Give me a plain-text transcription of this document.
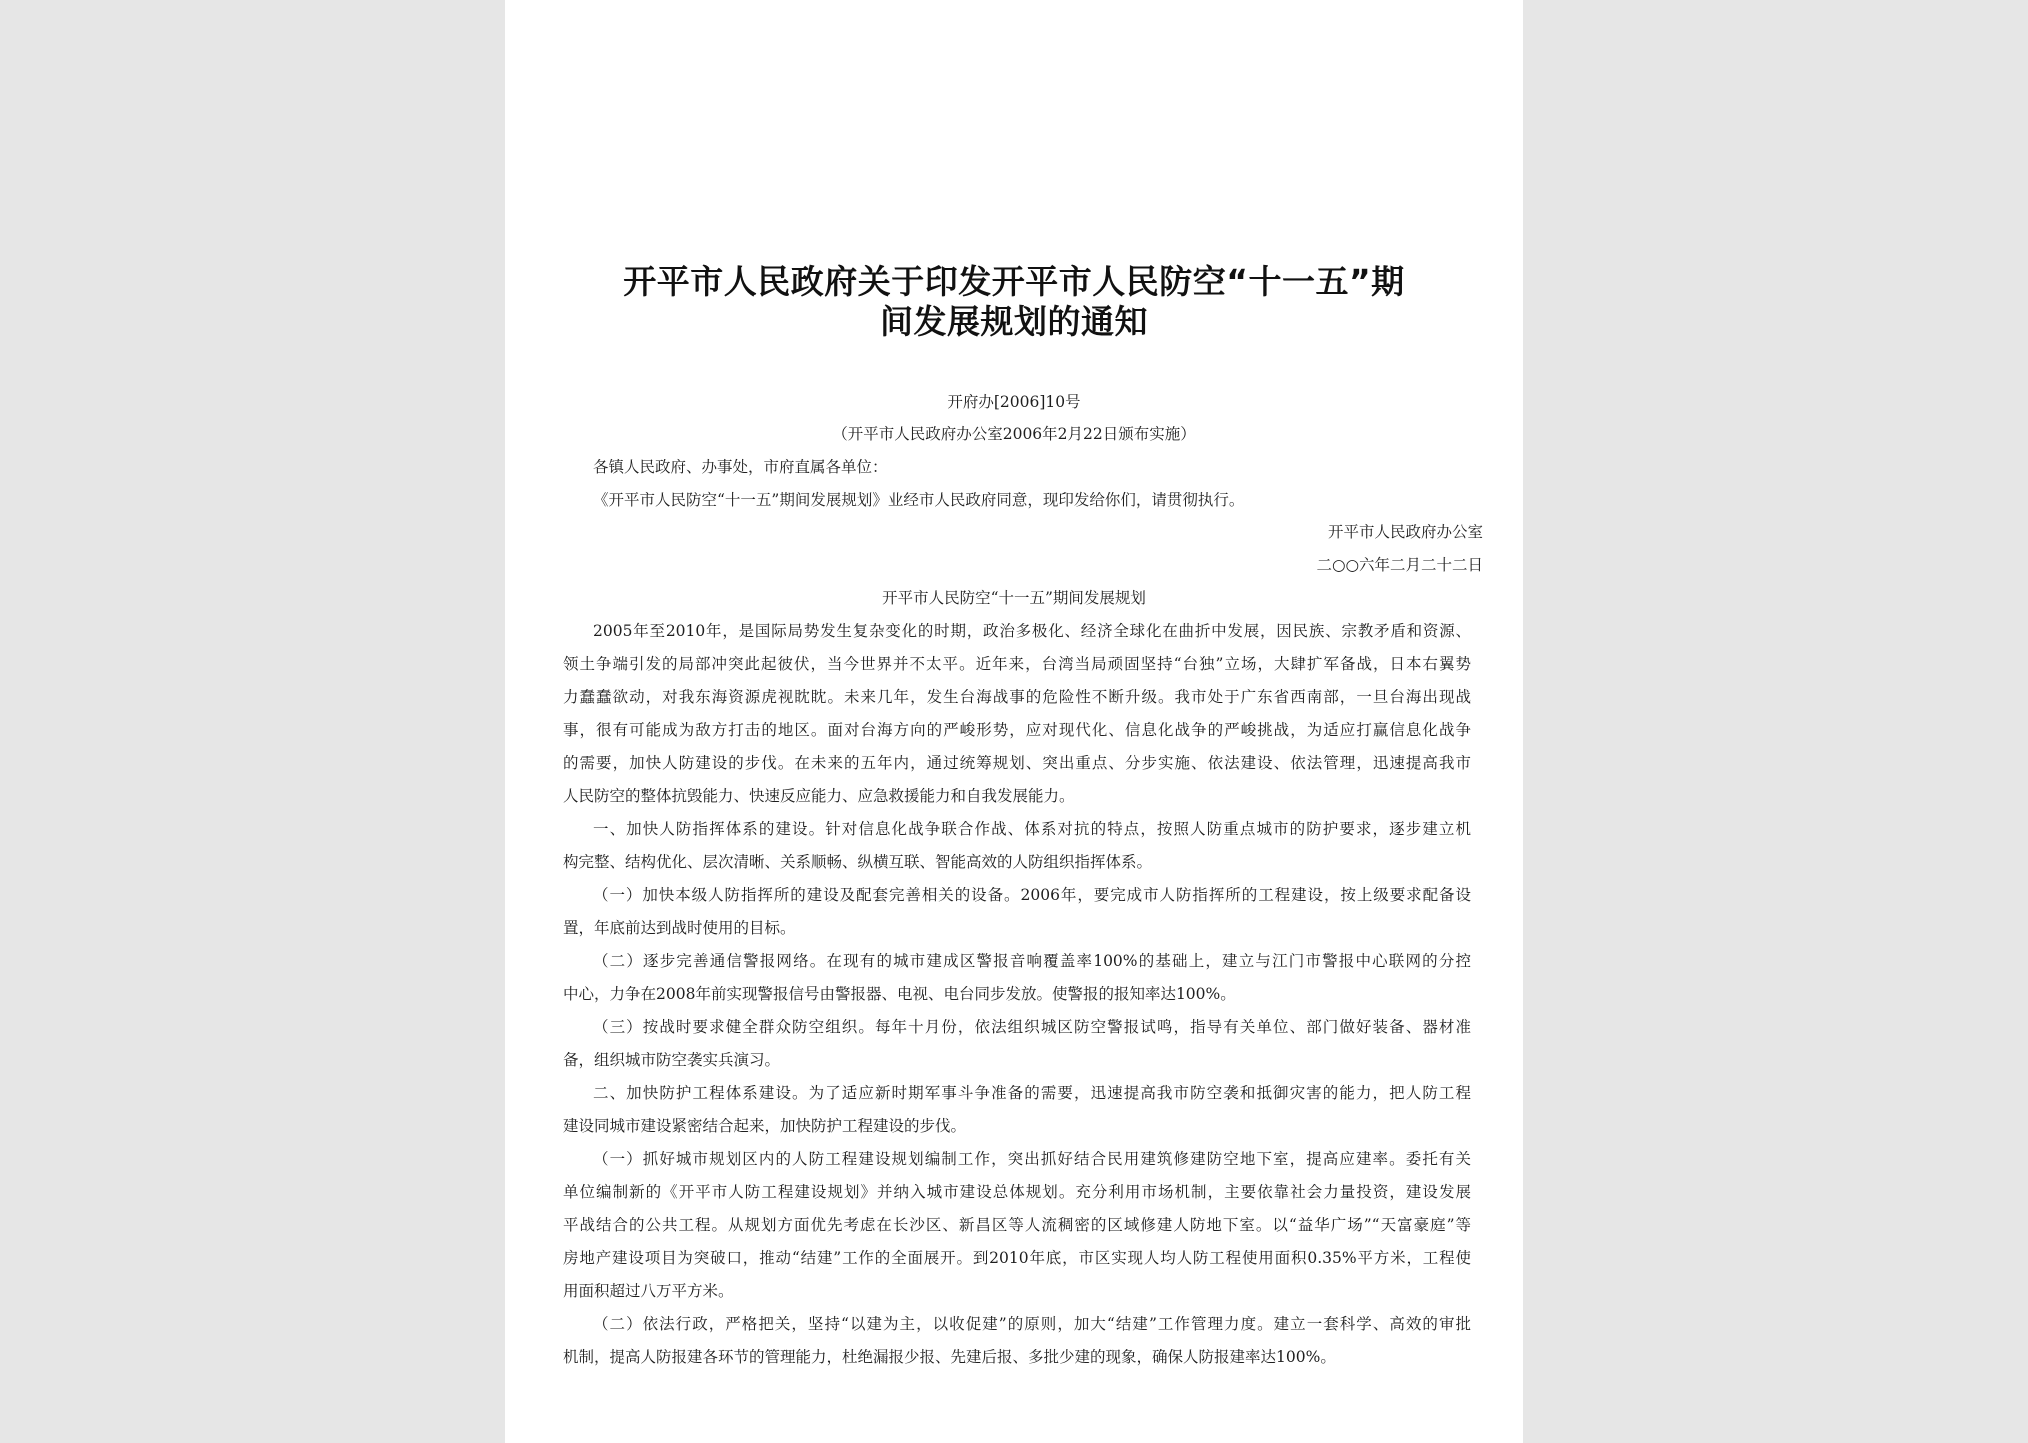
开平市人民政府关于印发开平市人民防空“十一五”期
间发展规划的通知
开府办[2006]10号
（开平市人民政府办公室2006年2月22日颁布实施）
各镇人民政府、办事处，市府直属各单位：
《开平市人民防空“十一五”期间发展规划》业经市人民政府同意，现印发给你们，请贯彻执行。
开平市人民政府办公室
二○○六年二月二十二日
开平市人民防空“十一五”期间发展规划
2005年至2010年，是国际局势发生复杂变化的时期，政治多极化、经济全球化在曲折中发展，因民族、宗教矛盾和资源、
领土争端引发的局部冲突此起彼伏，当今世界并不太平。近年来，台湾当局顽固坚持“台独”立场，大肆扩军备战，日本右翼势
力蠢蠢欲动，对我东海资源虎视眈眈。未来几年，发生台海战事的危险性不断升级。我市处于广东省西南部，一旦台海出现战
事，很有可能成为敌方打击的地区。面对台海方向的严峻形势，应对现代化、信息化战争的严峻挑战，为适应打赢信息化战争
的需要，加快人防建设的步伐。在未来的五年内，通过统筹规划、突出重点、分步实施、依法建设、依法管理，迅速提高我市
人民防空的整体抗毁能力、快速反应能力、应急救援能力和自我发展能力。
一、加快人防指挥体系的建设。针对信息化战争联合作战、体系对抗的特点，按照人防重点城市的防护要求，逐步建立机
构完整、结构优化、层次清晰、关系顺畅、纵横互联、智能高效的人防组织指挥体系。
（一）加快本级人防指挥所的建设及配套完善相关的设备。2006年，要完成市人防指挥所的工程建设，按上级要求配备设
置，年底前达到战时使用的目标。
（二）逐步完善通信警报网络。在现有的城市建成区警报音响覆盖率100%的基础上，建立与江门市警报中心联网的分控
中心，力争在2008年前实现警报信号由警报器、电视、电台同步发放。使警报的报知率达100%。
（三）按战时要求健全群众防空组织。每年十月份，依法组织城区防空警报试鸣，指导有关单位、部门做好装备、器材准
备，组织城市防空袭实兵演习。
二、加快防护工程体系建设。为了适应新时期军事斗争准备的需要，迅速提高我市防空袭和抵御灾害的能力，把人防工程
建设同城市建设紧密结合起来，加快防护工程建设的步伐。
（一）抓好城市规划区内的人防工程建设规划编制工作，突出抓好结合民用建筑修建防空地下室，提高应建率。委托有关
单位编制新的《开平市人防工程建设规划》并纳入城市建设总体规划。充分利用市场机制，主要依靠社会力量投资，建设发展
平战结合的公共工程。从规划方面优先考虑在长沙区、新昌区等人流稠密的区域修建人防地下室。以“益华广场”“天富豪庭”等
房地产建设项目为突破口，推动“结建”工作的全面展开。到2010年底，市区实现人均人防工程使用面积0.35%平方米，工程使
用面积超过八万平方米。
（二）依法行政，严格把关，坚持“以建为主，以收促建”的原则，加大“结建”工作管理力度。建立一套科学、高效的审批
机制，提高人防报建各环节的管理能力，杜绝漏报少报、先建后报、多批少建的现象，确保人防报建率达100%。
